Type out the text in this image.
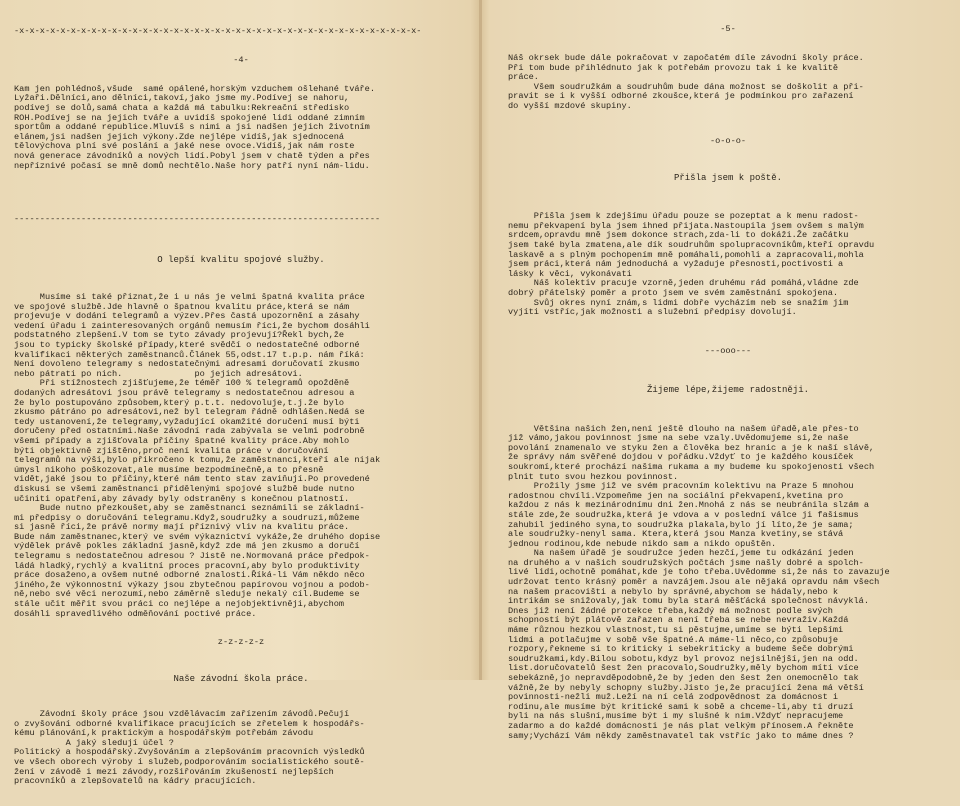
-x-x-x-x-x-x-x-x-x-x-x-x-x-x-x-x-x-x-x-x-x-x-x-x-x-x-x-x-x-x-x-x-x-x-x-x-x-x-x-

-4-

Kam jen pohlédnoš,všude  samé opálené,horským vzduchem ošlehané tváře.
Lyžaři.Dělníci,ano dělníci,takoví,jako jsme my.Podívej se nahoru,
podívej se dolů,samá chata a každá má tabulku:Rekreační středisko
ROH.Podívej se na jejich tváře a uvidíš spokojené lidi oddané zimním
sportům a oddané republice.Mluvíš s nimi a jsi nadšen jejich životním
elánem,jsi nadšen jejich výkony.Zde nejlépe vidíš,jak sjednocená
tělovýchova plní své poslání a jaké nese ovoce.Vidíš,jak nám roste
nová generace závodníků a nových lidí.Pobyl jsem v chatě týden a přes
nepříznivé počasí se mně domů nechtělo.Naše hory patří nyní nám-lidu.

-----------------------------------------------------------------------

O lepší kvalitu spojové služby.

Musíme si také přiznat,že i u nás je velmi špatná kvalita práce
ve spojové službě.Jde hlavně o špatnou kvalitu práce,která se nám
projevuje v dodání telegramů a výzev.Přes častá upozornění a zásahy
vedení úřadu i zainteresovaných orgánů nemusím říci,že bychom dosáhli
podstatného zlepšení.V tom se tyto závady projevují?Řekl bych,že
jsou to typicky školské případy,které svědčí o nedostatečné odborné
kvalifikaci některých zaměstnanců.Článek 55,odst.17 t.p.p. nám říká:
Není dovoleno telegramy s nedostatečnými adresami doručovatí zkusmo
nebo pátrati po nich.              po jejich adresátovi.
Při stížnostech zjišťujeme,že téměř 100 % telegramů opožděně
dodaných adresátovi jsou právě telegramy s nedostatečnou adresou a
že bylo postupováno způsobem,který p.t.t. nedovoluje,t.j.že bylo
zkusmo pátráno po adresátovi,než byl telegram řádně odhlášen.Nedá se
tedy ustanovení,že telegramy,vyžadující okamžité doručení musí býti
doručeny před ostatními.Naše závodní rada zabývala se velmi podrobně
všemi případy a zjišťovala příčiny špatné kvality práce.Aby mohlo
býti objektivně zjištěno,proč není kvalita práce v doručování
telegramů na výši,bylo přikročeno k tomu,že zaměstnanci,kteří ale nijak
úmysl nikoho poškozovat,ale musíme bezpodmínečně,a to přesně
vidět,jaké jsou to příčiny,které nám tento stav zaviňují.Po provedené
diskusi se všemi zaměstnanci přidělenými spojové službě bude nutno
učiniti opatření,aby závady byly odstraněny s konečnou platností.
Bude nutno přezkoušet,aby se zaměstnanci seznámili se základní-
mi předpisy o doručování telegramu.Když,soudružky a soudruzi,můžeme
si jasně říci,že právě normy mají příznivý vliv na kvalitu práce.
Bude nám zaměstnanec,který ve svém výkaznictví vykáže,že druhého dopise
výdělek právě pokles základní jasně,když zde má jen zkusmo a doručí
telegramu s nedostatečnou adresou ? Jistě ne.Normovaná práce předpok-
ládá hladký,rychlý a kvalitní proces pracovní,aby bylo produktivity
práce dosaženo,a ovšem nutné odborné znalosti.Říká-li Vám někdo něco
jiného,že výkonnostní výkazy jsou zbytečnou papírovou vojnou a podob-
ně,nebo své věci nerozumí,nebo záměrně sleduje nekalý cíl.Budeme se
stále učit měřit svou práci co nejlépe a nejobjektivněji,abychom
dosáhli spravedlivého odměňování poctivé práce.

z-z-z-z-z

Naše závodní škola práce.

Závodní školy práce jsou vzdělávacím zařízením závodů.Pečují
o zvyšování odborné kvalifikace pracujících se zřetelem k hospodářs-
kému plánování,k praktickým a hospodářským potřebám závodu
A jaký sledují účel ?
Politický a hospodářský.Zvyšováním a zlepšováním pracovních výsledků
ve všech oborech výroby i služeb,podporováním socialistického soutě-
žení v závodě i mezi závody,rozšiřováním zkušeností nejlepších
pracovníků a zlepšovatelů na kádry pracujících.

-5-

Náš okrsek bude dále pokračovat v započatém díle závodní školy práce.
Při tom bude přihlédnuto jak k potřebám provozu tak i ke kvalitě
práce.
Všem soudružkám a soudruhům bude dána možnost se doškolit a při-
pravit se i k vyšší odborné zkoušce,která je podmínkou pro zařazení
do vyšší mzdové skupiny.

-o-o-o-

Přišla jsem k poště.

Přišla jsem k zdejšímu úřadu pouze se pozeptat a k menu radost-
nemu překvapení byla jsem ihned přijata.Nastoupila jsem ovšem s malým
srdcem,opravdu mně jsem dokonce strach,zda-li to dokáži.Že začátku
jsem také byla zmatena,ale dík soudruhům spolupracovníkům,kteří opravdu
laskavě a s plným pochopením mně pomáhali,pomohli a zapracovali,mohla
jsem práci,která nám jednoduchá a vyžaduje přesnosti,poctivosti a
lásky k věci, vykonávati
Náš kolektiv pracuje vzorně,jeden druhému rád pomáhá,vládne zde
dobrý přátelský poměr a proto jsem ve svém zaměstnání spokojena.
Svůj okres nyní znám,s lidmi dobře vycházím neb se snažím jim
vyjíti vstříc,jak možnosti a služební předpisy dovolují.

---ooo---

Žijeme lépe,žijeme radostněji.

Většina našich žen,není ještě dlouho na našem úřadě,ale přes-to
již vámo,jakou povinnost jsme na sebe vzaly.Uvědomujeme si,že naše
povolání znamenalo ve styku žen a člověka bez hranic a je k naší slávě,
že správy nám svěřené dojdou v pořádku.Vždyť to je každého kousíček
soukromí,které prochází našima rukama a my budeme ku spokojenosti všech
plnit tuto svou hezkou povinnost.
Prožily jsme již ve svém pracovním kolektivu na Praze 5 mnohou
radostnou chvíli.Vzpomeňme jen na sociální překvapení,kvetina pro
každou z nás k mezinárodnímu dni žen.Mnohá z nás se neubránila slzám a
stále zde,že soudružka,která je vdova a v poslední válce ji fašismus
zahubil jediného syna,to soudružka plakala,bylo jí líto,že je sama;
ale soudružky-nenyl sama. Ktera,která jsou Manza kvetiny,se stává
jednou rodinou,kde nebude nikdo sam a nikdo opuštěn.
Na našem úřadě je soudružce jeden hezčí,jeme tu odkázání jeden
na druhého a v našich soudružských počtách jsme našly dobré a spolch-
livé lidi,ochotně pomáhat,kde je toho třeba.Uvědomme si,že nás to zavazuje
udržovat tento krásný poměr a navzájem.Jsou ale nějaká opravdu nám všech
na našem pracovišti a nebylo by správné,abychom se hádaly,nebo k
intrikám se snižovaly,jak tomu byla stará měšťácká společnost návyklá.
Dnes již není žádné protekce třeba,každý má možnost podle svých
schopností být plátově zařazen a není třeba se nebe nevraživ.Každá
máme různou hezkou vlastnost,tu si pěstujme,umíme se býti lepšími
lidmi a potlačujme v sobě vše špatné.A máme-li něco,co způsobuje
rozpory,řekneme si to kriticky i sebekriticky a budeme šeče dobrými
soudružkami,kdy.Bilou sobotu,kdyz byl provoz nejsilnější,jen na odd.
list.doručovatelů šest žen pracovalo,Soudružky,měly bychom míti více
sebekázně,jo nepravděpodobně,že by jeden den šest žen onemocnělo tak
vážně,že by nebyly schopny služby.Jisto je,že pracující žena má větší
povinnosti-nežli muž.Leží na ní celá zodpovědnost za domácnost i
rodinu,ale musíme být kritické sami k sobě a chceme-li,aby ti druzí
byli na nás slušní,musíme být i my slušné k nim.Vždyť nepracujeme
zadarmo a do každé domácnosti je nás plat velkým přínosem.A řekněte
samy;Vychází Vám někdy zaměstnavatel tak vstříc jako to máme dnes ?
